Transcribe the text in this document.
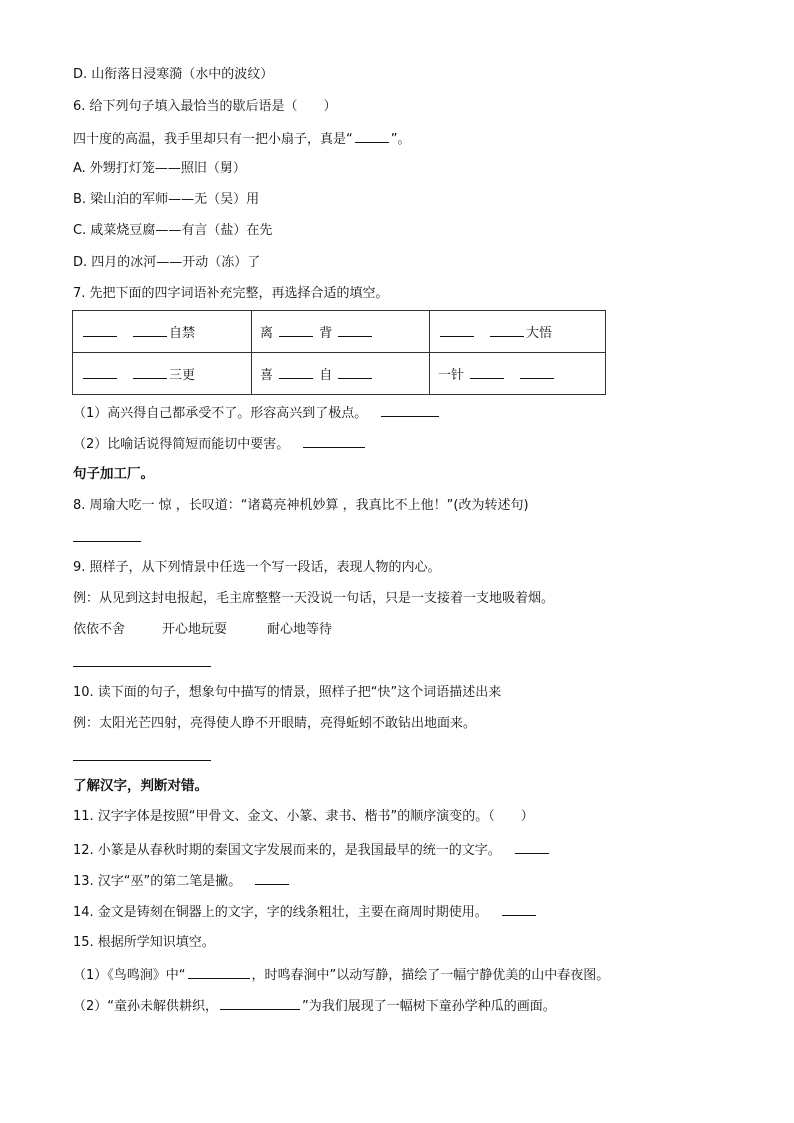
D. 山衔落日浸寒漪（水中的波纹）
6. 给下列句子填入最恰当的歇后语是（　　）
四十度的高温，我手里却只有一把小扇子，真是“	”。
A. 外甥打灯笼——照旧（舅）
B. 梁山泊的军师——无（吴）用
C. 咸菜烧豆腐——有言（盐）在先
D. 四月的冰河——开动（冻）了
7. 先把下面的四字词语补充完整，再选择合适的填空。
自禁	离 背	大悟
三更	喜 自	一针
（1）高兴得自己都承受不了。形容高兴到了极点。
（2）比喻话说得简短而能切中要害。
句子加工厂。
8. 周瑜大吃一 惊 ，长叹道：“诸葛亮神机妙算 ，我真比不上他！”(改为转述句)
9. 照样子，从下列情景中任选一个写一段话，表现人物的内心。
例：从见到这封电报起，毛主席整整一天没说一句话，只是一支接着一支地吸着烟。
依依不舍	开心地玩耍	耐心地等待
10. 读下面的句子，想象句中描写的情景，照样子把“快”这个词语描述出来
例：太阳光芒四射，亮得使人睁不开眼睛，亮得蚯蚓不敢钻出地面来。
了解汉字，判断对错。
11. 汉字字体是按照“甲骨文、金文、小篆、隶书、楷书”的顺序演变的。（　　）
12. 小篆是从春秋时期的秦国文字发展而来的，是我国最早的统一的文字。
13. 汉字“巫”的第二笔是撇。
14. 金文是铸刻在铜器上的文字，字的线条粗壮，主要在商周时期使用。
15. 根据所学知识填空。
（1）《鸟鸣涧》中“	，时鸣春涧中”以动写静，描绘了一幅宁静优美的山中春夜图。
（2）“童孙未解供耕织，	”为我们展现了一幅树下童孙学种瓜的画面。
